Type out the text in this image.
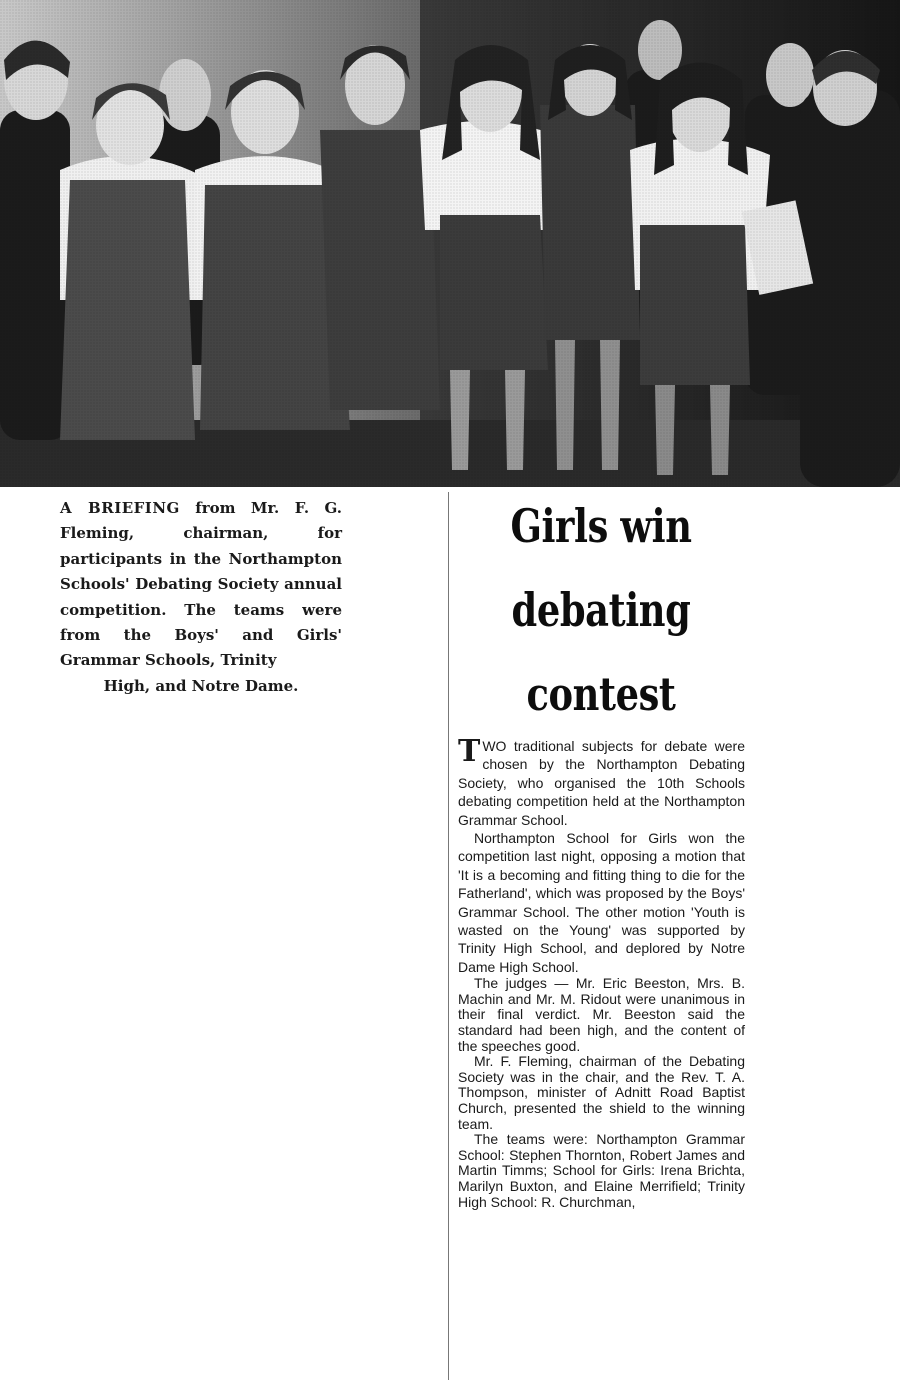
A BRIEFING from Mr. F. G. Fleming, chairman, for participants in the Northampton Schools' Debating Society annual competition. The teams were from the Boys' and Girls' Grammar Schools, Trinity
High, and Notre Dame.
Girls win
debating
contest

TWO traditional subjects for debate were chosen by the Northampton Debating Society, who organised the 10th Schools debating competition held at the Northampton Grammar School.

Northampton School for Girls won the competition last night, opposing a motion that 'It is a becoming and fitting thing to die for the Fatherland', which was proposed by the Boys' Grammar School. The other motion 'Youth is wasted on the Young' was supported by Trinity High School, and deplored by Notre Dame High School.

The judges — Mr. Eric Beeston, Mrs. B. Machin and Mr. M. Ridout were unanimous in their final verdict. Mr. Beeston said the standard had been high, and the content of the speeches good.

Mr. F. Fleming, chairman of the Debating Society was in the chair, and the Rev. T. A. Thompson, minister of Adnitt Road Baptist Church, presented the shield to the winning team.

The teams were: Northampton Grammar School: Stephen Thornton, Robert James and Martin Timms; School for Girls: Irena Brichta, Marilyn Buxton, and Elaine Merrifield; Trinity High School: R. Churchman,
